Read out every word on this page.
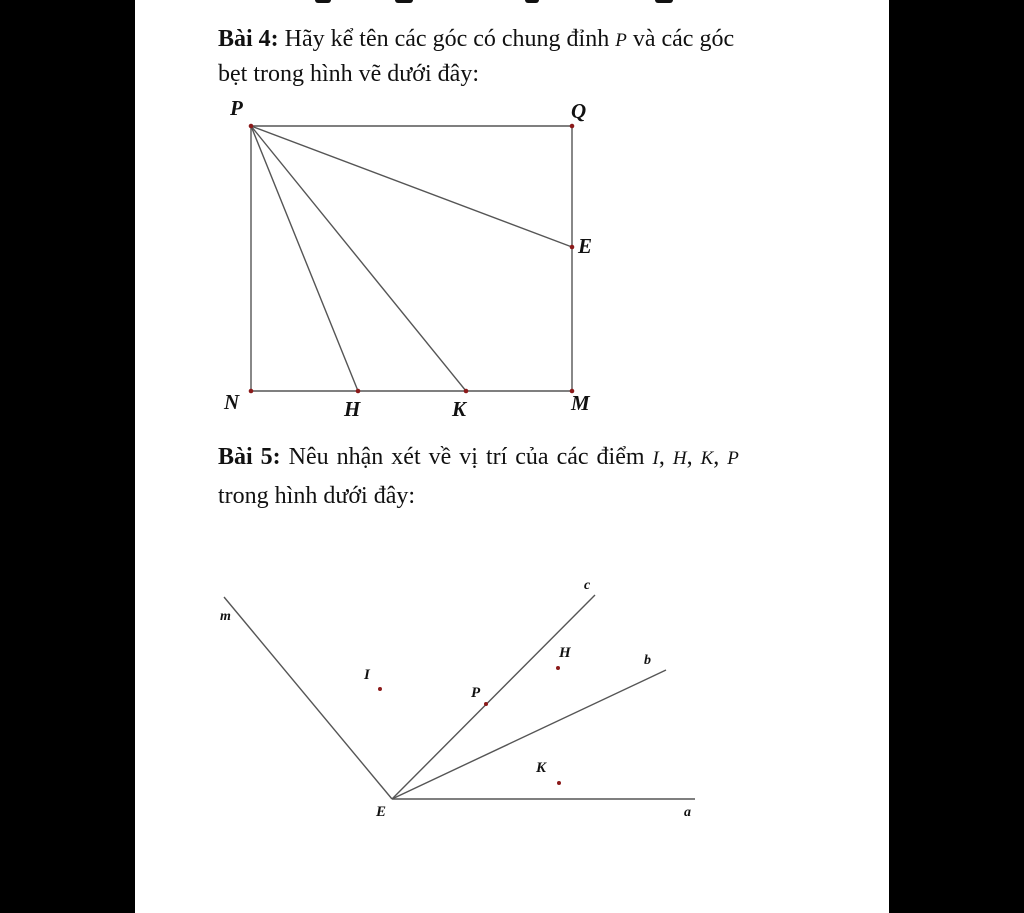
Bài 4: Hãy kể tên các góc có chung đỉnh P và các góc
bẹt trong hình vẽ dưới đây:
Bài 5: Nêu nhận xét về vị trí của các điểm I, H, K, P
trong hình dưới đây:
P	Q
E
N	H	K	M
m
c
b
a
E
I
P
H
K
